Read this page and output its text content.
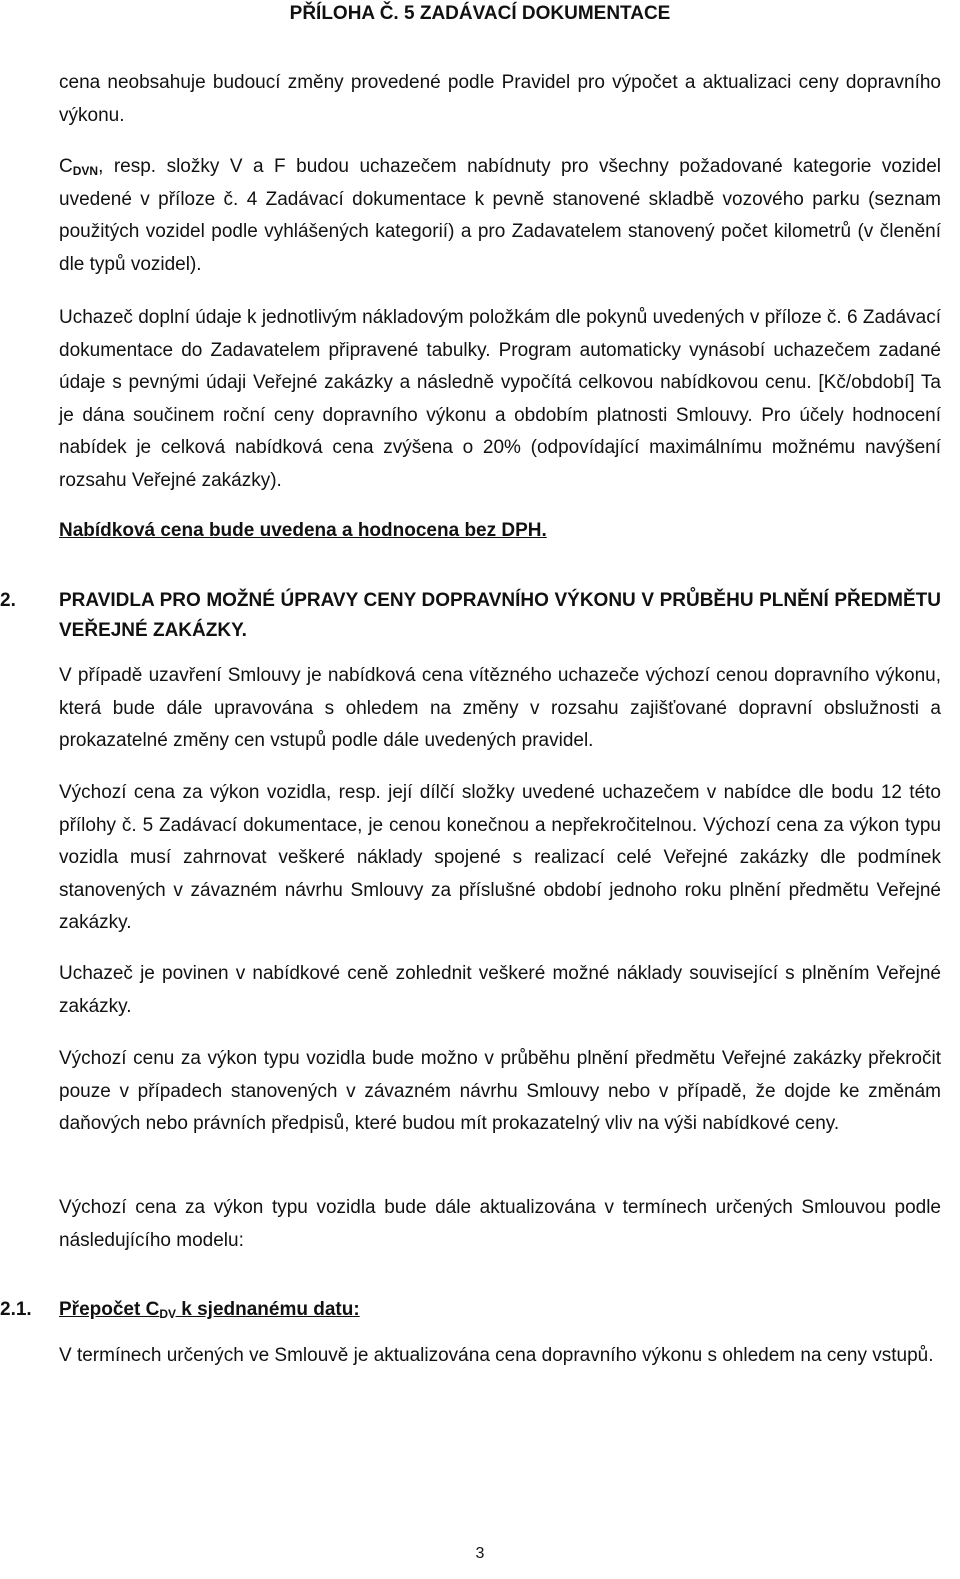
PŘÍLOHA Č. 5 ZADÁVACÍ DOKUMENTACE
cena neobsahuje budoucí změny provedené podle Pravidel pro výpočet a aktualizaci ceny dopravního výkonu.
$C_{DVN}$, resp. složky V a F budou uchazečem nabídnuty pro všechny požadované kategorie vozidel uvedené v příloze č. 4 Zadávací dokumentace k pevně stanovené skladbě vozového parku (seznam použitých vozidel podle vyhlášených kategorií) a pro Zadavatelem stanovený počet kilometrů (v členění dle typů vozidel).
Uchazeč doplní údaje k jednotlivým nákladovým položkám dle pokynů uvedených v příloze č. 6 Zadávací dokumentace do Zadavatelem připravené tabulky. Program automaticky vynásobí uchazečem zadané údaje s pevnými údaji Veřejné zakázky a následně vypočítá celkovou nabídkovou cenu. [Kč/období] Ta je dána součinem roční ceny dopravního výkonu a obdobím platnosti Smlouvy. Pro účely hodnocení nabídek je celková nabídková cena zvýšena o 20% (odpovídající maximálnímu možnému navýšení rozsahu Veřejné zakázky).
Nabídková cena bude uvedena a hodnocena bez DPH.
2. PRAVIDLA PRO MOŽNÉ ÚPRAVY CENY DOPRAVNÍHO VÝKONU V PRŮBĚHU PLNĚNÍ PŘEDMĚTU VEŘEJNÉ ZAKÁZKY.
V případě uzavření Smlouvy je nabídková cena vítězného uchazeče výchozí cenou dopravního výkonu, která bude dále upravována s ohledem na změny v rozsahu zajišťované dopravní obslužnosti a prokazatelné změny cen vstupů podle dále uvedených pravidel.
Výchozí cena za výkon vozidla, resp. její dílčí složky uvedené uchazečem v nabídce dle bodu 12 této přílohy č. 5 Zadávací dokumentace, je cenou konečnou a nepřekročitelnou. Výchozí cena za výkon typu vozidla musí zahrnovat veškeré náklady spojené s realizací celé Veřejné zakázky dle podmínek stanovených v závazném návrhu Smlouvy za příslušné období jednoho roku plnění předmětu Veřejné zakázky.
Uchazeč je povinen v nabídkové ceně zohlednit veškeré možné náklady související s plněním Veřejné zakázky.
Výchozí cenu za výkon typu vozidla bude možno v průběhu plnění předmětu Veřejné zakázky překročit pouze v případech stanovených v závazném návrhu Smlouvy nebo v případě, že dojde ke změnám daňových nebo právních předpisů, které budou mít prokazatelný vliv na výši nabídkové ceny.
Výchozí cena za výkon typu vozidla bude dále aktualizována v termínech určených Smlouvou podle následujícího modelu:
2.1. Přepočet $C_{DV}$ k sjednanému datu:
V termínech určených ve Smlouvě je aktualizována cena dopravního výkonu s ohledem na ceny vstupů.
3
